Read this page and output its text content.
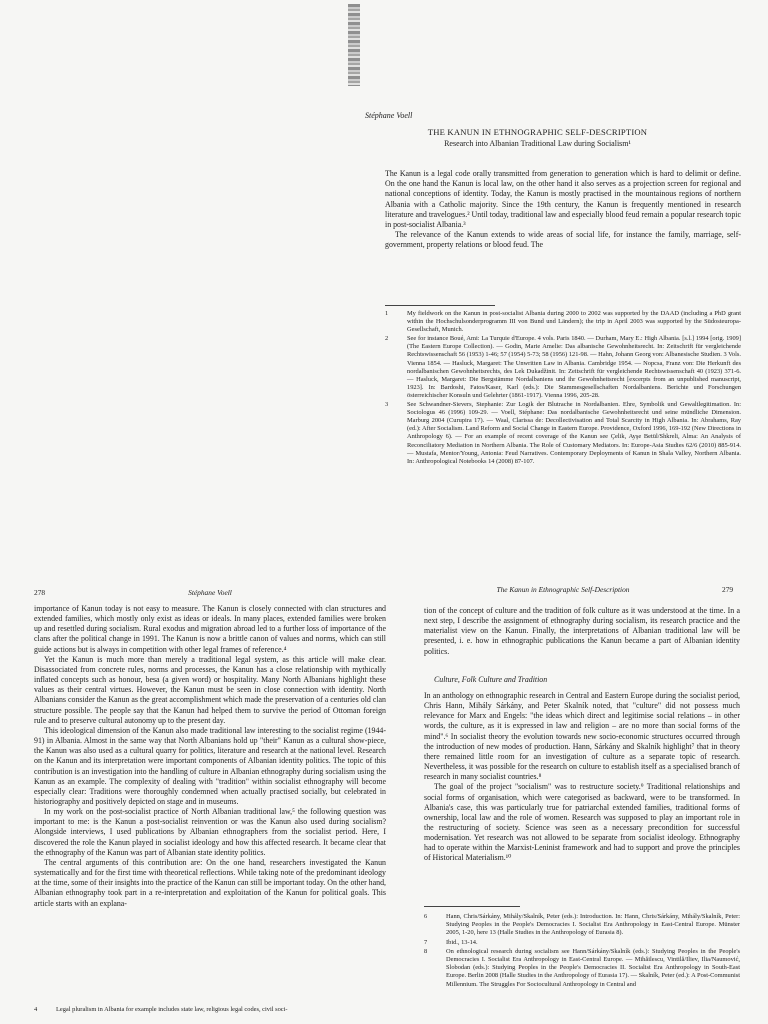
Stéphane Voell
THE KANUN IN ETHNOGRAPHIC SELF-DESCRIPTION
Research into Albanian Traditional Law during Socialism¹

The Kanun is a legal code orally transmitted from generation to generation which is hard to delimit or define. On the one hand the Kanun is local law, on the other hand it also serves as a projection screen for regional and national conceptions of identity. Today, the Kanun is mostly practised in the mountainous regions of northern Albania with a Catholic majority. Since the 19th century, the Kanun is frequently mentioned in research literature and travelogues.² Until today, traditional law and especially blood feud remain a popular research topic in post-socialist Albania.³

The relevance of the Kanun extends to wide areas of social life, for instance the family, marriage, self-government, property relations or blood feud. The

1	My fieldwork on the Kanun in post-socialist Albania during 2000 to 2002 was supported by the DAAD (including a PhD grant within the Hochschulsonderprogramm III von Bund und Ländern); the trip in April 2003 was supported by the Südosteuropa-Gesellschaft, Munich.
2	See for instance Boué, Ami: La Turquie d'Europe. 4 vols. Paris 1840. — Durham, Mary E.: High Albania. [s.l.] 1994 [orig. 1909] (The Eastern Europe Collection). — Godin, Marie Amelie: Das albanische Gewohnheitsrecht. In: Zeitschrift für vergleichende Rechtswissenschaft 56 (1953) 1-46; 57 (1954) 5-73; 58 (1956) 121-98. — Hahn, Johann Georg von: Albanesische Studien. 3 Vols. Vienna 1854. — Hasluck, Margaret: The Unwritten Law in Albania. Cambridge 1954. — Nopcsa, Franz von: Die Herkunft des nordalbanischen Gewohnheitsrechts, des Lek Dukadžinit. In: Zeitschrift für vergleichende Rechtswissenschaft 40 (1923) 371-6. — Hasluck, Margaret: Die Bergstämme Nordalbaniens und ihr Gewohnheitsrecht [excerpts from an unpublished manuscript, 1923]. In: Bardoshi, Fatos/Kaser, Karl (eds.): Die Stammesgesellschaften Nordalbaniens. Berichte und Forschungen österreichischer Konsuln und Gelehrter (1861-1917). Vienna 1996, 205-28.
3	See Schwandner-Sievers, Stephanie: Zur Logik der Blutrache in Nordalbanien. Ehre, Symbolik und Gewaltlegitimation. In: Sociologus 46 (1996) 109-29. — Voell, Stéphane: Das nordalbanische Gewohnheitsrecht und seine mündliche Dimension. Marburg 2004 (Curupira 17). — Waal, Clarissa de: Decollectivisation and Total Scarcity in High Albania. In: Abrahams, Ray (ed.): After Socialism. Land Reform and Social Change in Eastern Europe. Providence, Oxford 1996, 169-192 (New Directions in Anthropology 6). — For an example of recent coverage of the Kanun see Çelik, Ayşe Betül/Shkreli, Alma: An Analysis of Reconciliatory Mediation in Northern Albania. The Role of Customary Mediators. In: Europe-Asia Studies 62/6 (2010) 885-914. — Mustafa, Mentor/Young, Antonia: Feud Narratives. Contemporary Deployments of Kanun in Shala Valley, Northern Albania. In: Anthropological Notebooks 14 (2008) 87-107.
278	Stéphane Voell

importance of Kanun today is not easy to measure. The Kanun is closely connected with clan structures and extended families, which mostly only exist as ideas or ideals. In many places, extended families were broken up and resettled during socialism. Rural exodus and migration abroad led to a further loss of importance of the clans after the political change in 1991. The Kanun is now a brittle canon of values and norms, which can still guide actions but is always in competition with other legal frames of reference.⁴

Yet the Kanun is much more than merely a traditional legal system, as this article will make clear. Disassociated from concrete rules, norms and processes, the Kanun has a close relationship with mythically inflated concepts such as honour, besa (a given word) or hospitality. Many North Albanians highlight these values as their central virtues. However, the Kanun must be seen in close connection with identity. North Albanians consider the Kanun as the great accomplishment which made the preservation of a centuries old clan structure possible. The people say that the Kanun had helped them to survive the period of Ottoman foreign rule and to preserve cultural autonomy up to the present day.

This ideological dimension of the Kanun also made traditional law interesting to the socialist regime (1944-91) in Albania. Almost in the same way that North Albanians hold up "their" Kanun as a cultural show-piece, the Kanun was also used as a cultural quarry for politics, literature and research at the national level. Research on the Kanun and its interpretation were important components of Albanian identity politics. The topic of this contribution is an investigation into the handling of culture in Albanian ethnography during socialism using the Kanun as an example. The complexity of dealing with "tradition" within socialist ethnography will become especially clear: Traditions were thoroughly condemned when actually practised socially, but celebrated in historiography and positively depicted on stage and in museums.

In my work on the post-socialist practice of North Albanian traditional law,⁵ the following question was important to me: is the Kanun a post-socialist reinvention or was the Kanun also used during socialism? Alongside interviews, I used publications by Albanian ethnographers from the socialist period. Here, I discovered the role the Kanun played in socialist ideology and how this affected research. It became clear that the ethnography of the Kanun was part of Albanian state identity politics.

The central arguments of this contribution are: On the one hand, researchers investigated the Kanun systematically and for the first time with theoretical reflections. While taking note of the predominant ideology at the time, some of their insights into the practice of the Kanun can still be important today. On the other hand, Albanian ethnography took part in a re-interpretation and exploitation of the Kanun for political goals. This article starts with an explana-

4	Legal pluralism in Albania for example includes state law, religious legal codes, civil soci-
The Kanun in Ethnographic Self-Description	279

tion of the concept of culture and the tradition of folk culture as it was understood at the time. In a next step, I describe the assignment of ethnography during socialism, its research practice and the materialist view on the Kanun. Finally, the interpretations of Albanian traditional law will be presented, i. e. how in ethnographic publications the Kanun became a part of Albanian identity politics.

Culture, Folk Culture and Tradition

In an anthology on ethnographic research in Central and Eastern Europe during the socialist period, Chris Hann, Mihály Sárkány, and Peter Skalník noted, that "culture" did not possess much relevance for Marx and Engels: "the ideas which direct and legitimise social relations – in other words, the culture, as it is expressed in law and religion – are no more than social forms of the mind".⁶ In socialist theory the evolution towards new socio-economic structures occurred through the introduction of new modes of production. Hann, Sárkány and Skalník highlight⁷ that in theory there remained little room for an investigation of culture as a separate topic of research. Nevertheless, it was possible for the research on culture to establish itself as a specialised branch of research in many socialist countries.⁸

The goal of the project "socialism" was to restructure society.⁹ Traditional relationships and social forms of organisation, which were categorised as backward, were to be transformed. In Albania's case, this was particularly true for patriarchal extended families, traditional forms of ownership, local law and the role of women. Research was supposed to play an important role in the restructuring of society. Science was seen as a necessary precondition for successful modernisation. Yet research was not allowed to be separate from socialist ideology. Ethnography had to operate within the Marxist-Leninist framework and had to support and prove the principles of Historical Materialism.¹⁰

6	Hann, Chris/Sárkány, Mihály/Skalník, Peter (eds.): Introduction. In: Hann, Chris/Sárkány, Mihály/Skalník, Peter: Studying Peoples in the People's Democracies I. Socialist Era Anthropology in East-Central Europe. Münster 2005, 1-20, here 13 (Halle Studies in the Anthropology of Eurasia 8).
7	Ibid., 13-14.
8	On ethnological research during socialism see Hann/Sárkány/Skalník (eds.): Studying Peoples in the People's Democracies I. Socialist Era Anthropology in East-Central Europe. — Mihăilescu, Vintilă/Iliev, Ilia/Naumović, Slobodan (eds.): Studying Peoples in the People's Democracies II. Socialist Era Anthropology in South-East Europe. Berlin 2008 (Halle Studies in the Anthropology of Eurasia 17). — Skalník, Peter (ed.): A Post-Communist Millennium. The Struggles For Sociocultural Anthropology in Central and
